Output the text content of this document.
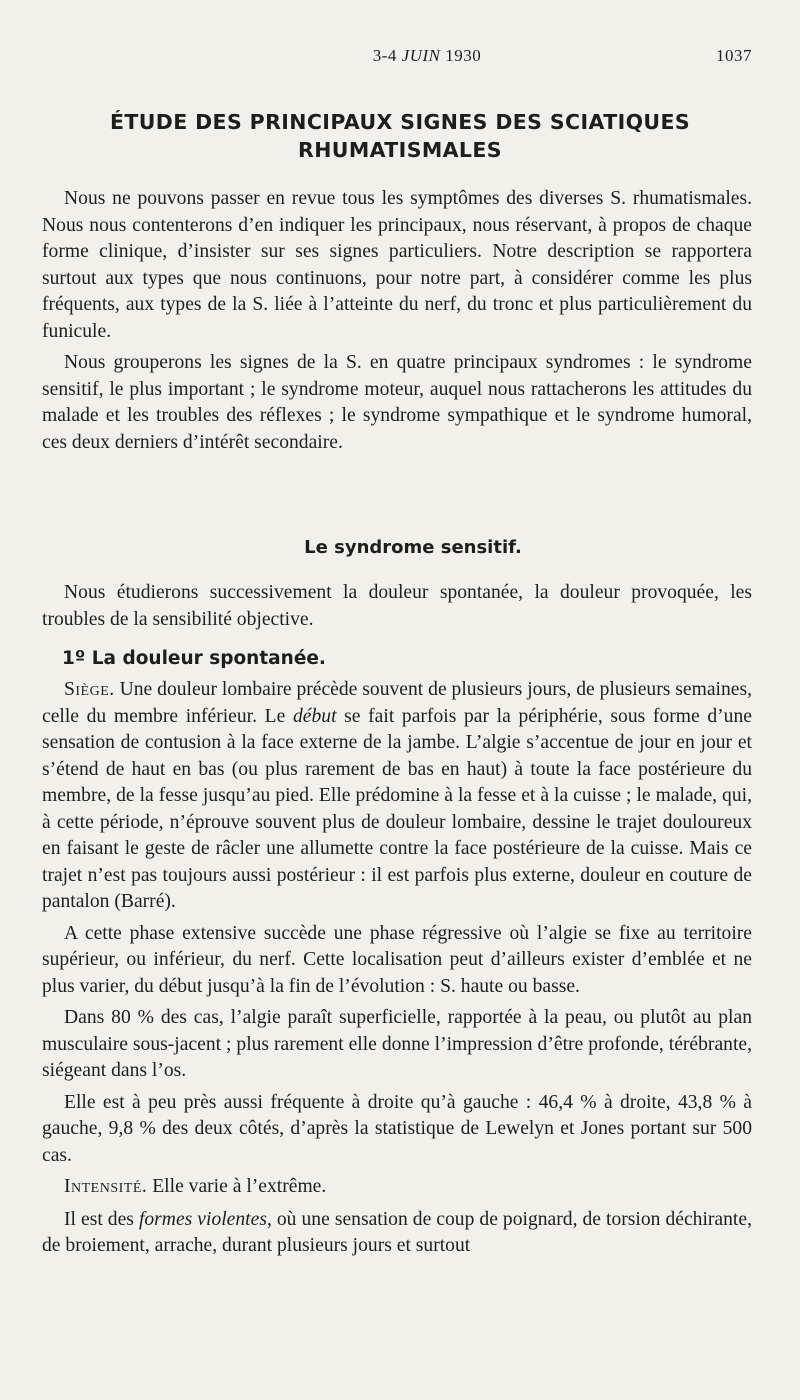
3-4 JUIN 1930	1037
ÉTUDE DES PRINCIPAUX SIGNES DES SCIATIQUES
RHUMATISMALES

Nous ne pouvons passer en revue tous les symptômes des diverses S. rhumatismales. Nous nous contenterons d’en indiquer les principaux, nous réservant, à propos de chaque forme clinique, d’insister sur ses signes particuliers. Notre description se rapportera surtout aux types que nous continuons, pour notre part, à considérer comme les plus fréquents, aux types de la S. liée à l’atteinte du nerf, du tronc et plus particulièrement du funicule.

Nous grouperons les signes de la S. en quatre principaux syndromes : le syndrome sensitif, le plus important ; le syndrome moteur, auquel nous rattacherons les attitudes du malade et les troubles des réflexes ; le syndrome sympathique et le syndrome humoral, ces deux derniers d’intérêt secondaire.

Le syndrome sensitif.

Nous étudierons successivement la douleur spontanée, la douleur provoquée, les troubles de la sensibilité objective.

1º La douleur spontanée.

Siège. Une douleur lombaire précède souvent de plusieurs jours, de plusieurs semaines, celle du membre inférieur. Le début se fait parfois par la périphérie, sous forme d’une sensation de contusion à la face externe de la jambe. L’algie s’accentue de jour en jour et s’étend de haut en bas (ou plus rarement de bas en haut) à toute la face postérieure du membre, de la fesse jusqu’au pied. Elle prédomine à la fesse et à la cuisse ; le malade, qui, à cette période, n’éprouve souvent plus de douleur lombaire, dessine le trajet douloureux en faisant le geste de râcler une allumette contre la face postérieure de la cuisse. Mais ce trajet n’est pas toujours aussi postérieur : il est parfois plus externe, douleur en couture de pantalon (Barré).

A cette phase extensive succède une phase régressive où l’algie se fixe au territoire supérieur, ou inférieur, du nerf. Cette localisation peut d’ailleurs exister d’emblée et ne plus varier, du début jusqu’à la fin de l’évolution : S. haute ou basse.

Dans 80 % des cas, l’algie paraît superficielle, rapportée à la peau, ou plutôt au plan musculaire sous-jacent ; plus rarement elle donne l’impression d’être profonde, térébrante, siégeant dans l’os.

Elle est à peu près aussi fréquente à droite qu’à gauche : 46,4 % à droite, 43,8 % à gauche, 9,8 % des deux côtés, d’après la statistique de Lewelyn et Jones portant sur 500 cas.

Intensité. Elle varie à l’extrême.

Il est des formes violentes, où une sensation de coup de poignard, de torsion déchirante, de broiement, arrache, durant plusieurs jours et surtout
